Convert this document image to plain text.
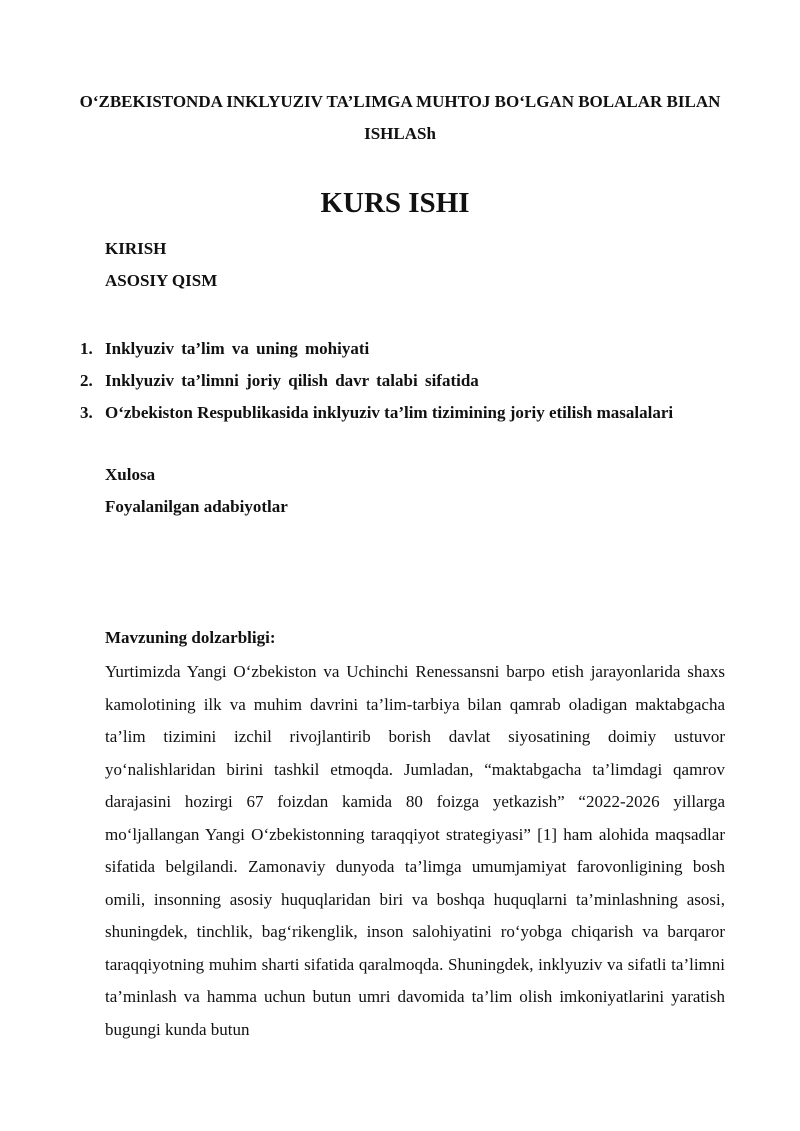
O‘ZBEKISTONDA INKLYUZIV TA’LIMGA MUHTOJ BO‘LGAN BOLALAR BILAN ISHLASh
KURS ISHI

KIRISH

ASOSIY QISM

1. Inklyuziv ta’lim va uning mohiyati
2. Inklyuziv ta’limni joriy qilish davr talabi sifatida
3. O‘zbekiston Respublikasida inklyuziv ta’lim tizimining joriy etilish masalalari

Xulosa

Foyalanilgan adabiyotlar

Mavzuning dolzarbligi:

Yurtimizda Yangi O‘zbekiston va Uchinchi Renessansni barpo etish jarayonlarida shaxs kamolotining ilk va muhim davrini ta’lim-tarbiya bilan qamrab oladigan maktabgacha ta’lim tizimini izchil rivojlantirib borish davlat siyosatining doimiy ustuvor yo‘nalishlaridan birini tashkil etmoqda. Jumladan, “maktabgacha ta’limdagi qamrov darajasini hozirgi 67 foizdan kamida 80 foizga yetkazish” “2022-2026 yillarga mo‘ljallangan Yangi O‘zbekistonning taraqqiyot strategiyasi” [1] ham alohida maqsadlar sifatida belgilandi. Zamonaviy dunyoda ta’limga umumjamiyat farovonligining bosh omili, insonning asosiy huquqlaridan biri va boshqa huquqlarni ta’minlashning asosi, shuningdek, tinchlik, bag‘rikenglik, inson salohiyatini ro‘yobga chiqarish va barqaror taraqqiyotning muhim sharti sifatida qaralmoqda. Shuningdek, inklyuziv va sifatli ta’limni ta’minlash va hamma uchun butun umri davomida ta’lim olish imkoniyatlarini yaratish bugungi kunda butun
